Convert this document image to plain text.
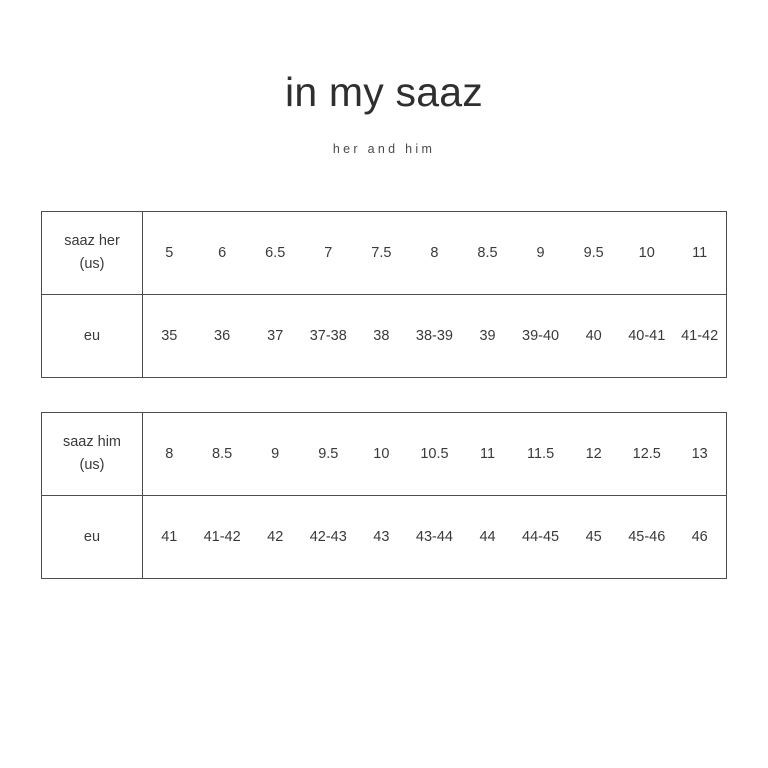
in my saaz
her and him
saaz her
(us)	5	6	6.5	7	7.5	8	8.5	9	9.5	10	11

eu	35	36	37	37-38	38	38-39	39	39-40	40	40-41	41-42
saaz him
(us)	8	8.5	9	9.5	10	10.5	11	11.5	12	12.5	13

eu	41	41-42	42	42-43	43	43-44	44	44-45	45	45-46	46
